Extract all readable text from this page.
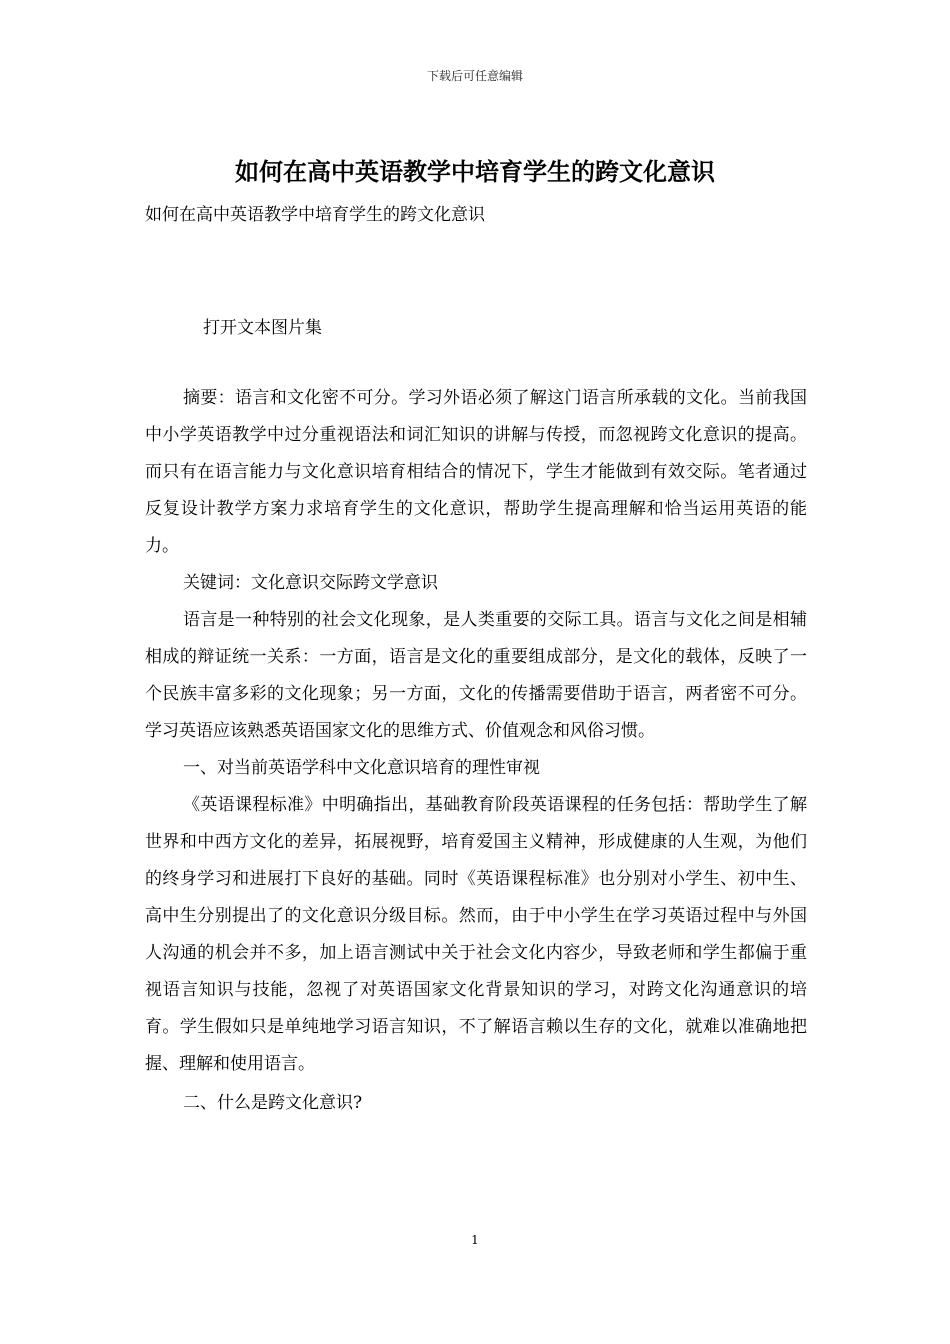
下载后可任意编辑
如何在高中英语教学中培育学生的跨文化意识
如何在高中英语教学中培育学生的跨文化意识
打开文本图片集

摘要：语言和文化密不可分。学习外语必须了解这门语言所承载的文化。当前我国中小学英语教学中过分重视语法和词汇知识的讲解与传授，而忽视跨文化意识的提高。而只有在语言能力与文化意识培育相结合的情况下，学生才能做到有效交际。笔者通过反复设计教学方案力求培育学生的文化意识，帮助学生提高理解和恰当运用英语的能力。

关键词：文化意识交际跨文学意识

语言是一种特别的社会文化现象，是人类重要的交际工具。语言与文化之间是相辅相成的辩证统一关系：一方面，语言是文化的重要组成部分，是文化的载体，反映了一个民族丰富多彩的文化现象；另一方面，文化的传播需要借助于语言，两者密不可分。学习英语应该熟悉英语国家文化的思维方式、价值观念和风俗习惯。

一、对当前英语学科中文化意识培育的理性审视

《英语课程标准》中明确指出，基础教育阶段英语课程的任务包括：帮助学生了解世界和中西方文化的差异，拓展视野，培育爱国主义精神，形成健康的人生观，为他们的终身学习和进展打下良好的基础。同时《英语课程标准》也分别对小学生、初中生、高中生分别提出了的文化意识分级目标。然而，由于中小学生在学习英语过程中与外国人沟通的机会并不多，加上语言测试中关于社会文化内容少，导致老师和学生都偏于重视语言知识与技能，忽视了对英语国家文化背景知识的学习，对跨文化沟通意识的培育。学生假如只是单纯地学习语言知识，不了解语言赖以生存的文化，就难以准确地把握、理解和使用语言。

二、什么是跨文化意识?

1
